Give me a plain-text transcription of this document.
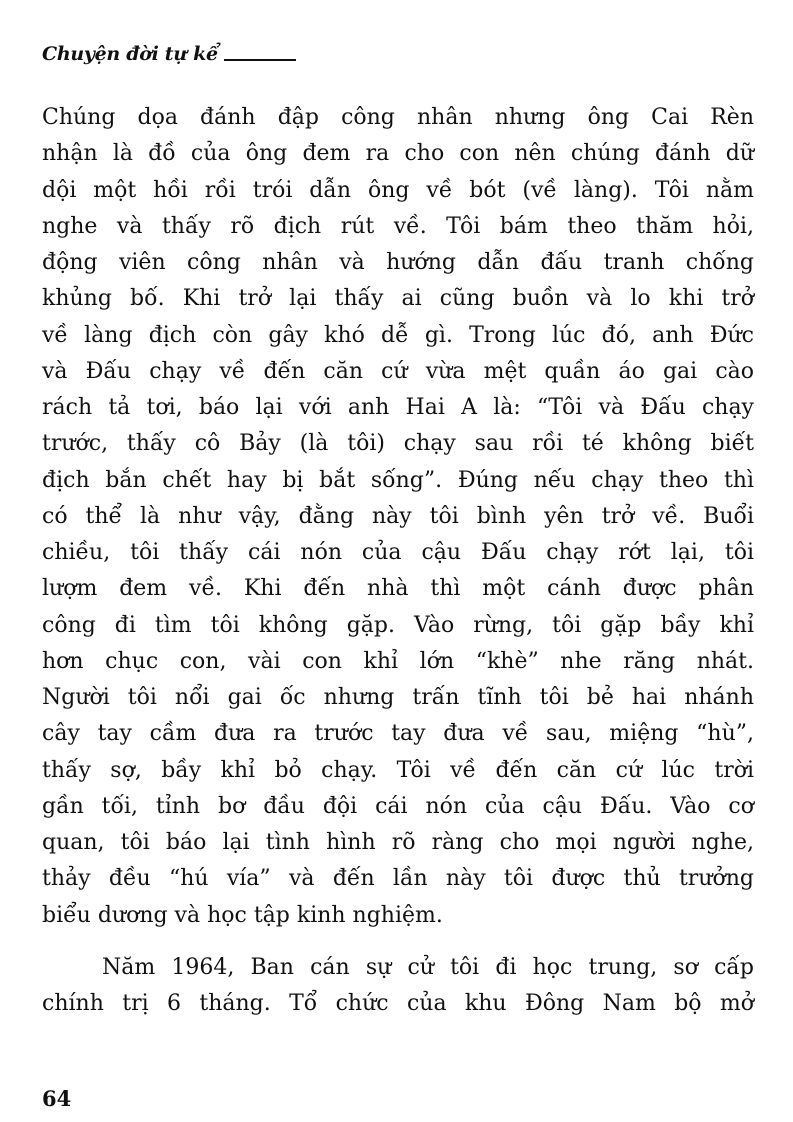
Chuyện đời tự kể
Chúng dọa đánh đập công nhân nhưng ông Cai Rèn
nhận là đồ của ông đem ra cho con nên chúng đánh dữ
dội một hồi rồi trói dẫn ông về bót (về làng). Tôi nằm
nghe và thấy rõ địch rút về. Tôi bám theo thăm hỏi,
động viên công nhân và hướng dẫn đấu tranh chống
khủng bố. Khi trở lại thấy ai cũng buồn và lo khi trở
về làng địch còn gây khó dễ gì. Trong lúc đó, anh Đức
và Đấu chạy về đến căn cứ vừa mệt quần áo gai cào
rách tả tơi, báo lại với anh Hai A là: “Tôi và Đấu chạy
trước, thấy cô Bảy (là tôi) chạy sau rồi té không biết
địch bắn chết hay bị bắt sống”. Đúng nếu chạy theo thì
có thể là như vậy, đằng này tôi bình yên trở về. Buổi
chiều, tôi thấy cái nón của cậu Đấu chạy rớt lại, tôi
lượm đem về. Khi đến nhà thì một cánh được phân
công đi tìm tôi không gặp. Vào rừng, tôi gặp bầy khỉ
hơn chục con, vài con khỉ lớn “khè” nhe răng nhát.
Người tôi nổi gai ốc nhưng trấn tĩnh tôi bẻ hai nhánh
cây tay cầm đưa ra trước tay đưa về sau, miệng “hù”,
thấy sợ, bầy khỉ bỏ chạy. Tôi về đến căn cứ lúc trời
gần tối, tỉnh bơ đầu đội cái nón của cậu Đấu. Vào cơ
quan, tôi báo lại tình hình rõ ràng cho mọi người nghe,
thảy đều “hú vía” và đến lần này tôi được thủ trưởng
biểu dương và học tập kinh nghiệm.
Năm 1964, Ban cán sự cử tôi đi học trung, sơ cấp
chính trị 6 tháng. Tổ chức của khu Đông Nam bộ mở
64
